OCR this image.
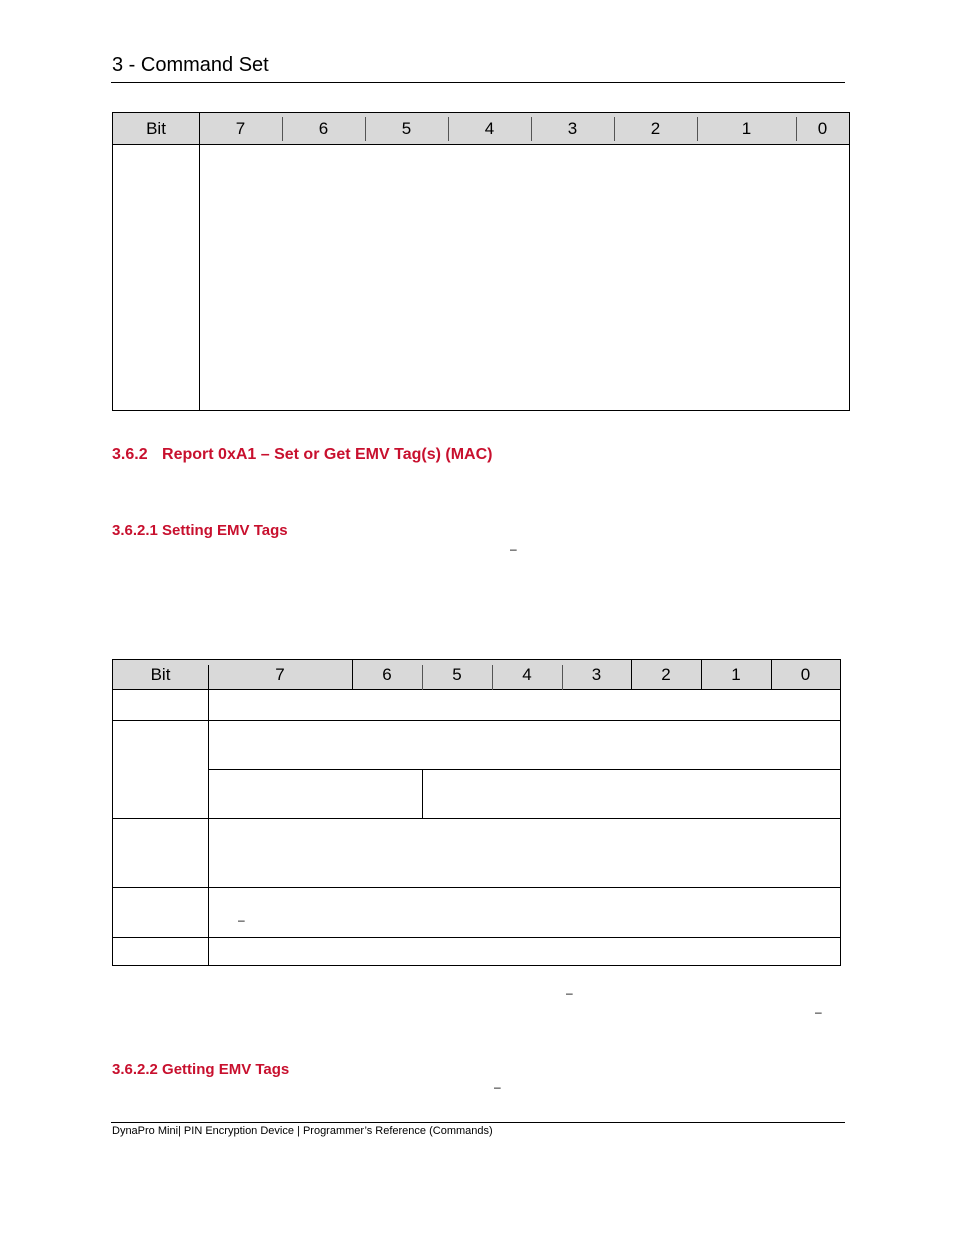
3 - Command Set
Bit	7	6	5	4	3	2	1	0
3.6.2 Report 0xA1 – Set or Get EMV Tag(s) (MAC)
3.6.2.1 Setting EMV Tags
–
Bit	7	6	5	4	3	2	1	0
–
–
–
3.6.2.2 Getting EMV Tags
–
DynaPro Mini| PIN Encryption Device | Programmer’s Reference (Commands)
